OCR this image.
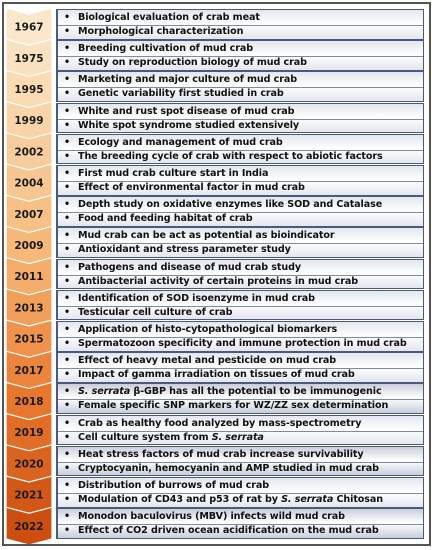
1967
1975
1995
1999
2002
2004
2007
2009
2011
2013
2015
2017
2018
2019
2020
2021
2022
• Biological evaluation of crab meat
• Morphological characterization
• Breeding cultivation of mud crab
• Study on reproduction biology of mud crab
• Marketing and major culture of mud crab
• Genetic variability first studied in crab
• White and rust spot disease of mud crab
• White spot syndrome studied extensively
• Ecology and management of mud crab
• The breeding cycle of crab with respect to abiotic factors
• First mud crab culture start in India
• Effect of environmental factor in mud crab
• Depth study on oxidative enzymes like SOD and Catalase
• Food and feeding habitat of crab
• Mud crab can be act as potential as bioindicator
• Antioxidant and stress parameter study
• Pathogens and disease of mud crab study
• Antibacterial activity of certain proteins in mud crab
• Identification of SOD isoenzyme in mud crab
• Testicular cell culture of crab
• Application of histo-cytopathological biomarkers
• Spermatozoon specificity and immune protection in mud crab
• Effect of heavy metal and pesticide on mud crab
• Impact of gamma irradiation on tissues of mud crab
• S. serrata β-GBP has all the potential to be immunogenic
• Female specific SNP markers for WZ/ZZ sex determination
• Crab as healthy food analyzed by mass-spectrometry
• Cell culture system from S. serrata
• Heat stress factors of mud crab increase survivability
• Cryptocyanin, hemocyanin and AMP studied in mud crab
• Distribution of burrows of mud crab
• Modulation of CD43 and p53 of rat by S. serrata Chitosan
• Monodon baculovirus (MBV) infects wild mud crab
• Effect of CO2 driven ocean acidification on the mud crab
